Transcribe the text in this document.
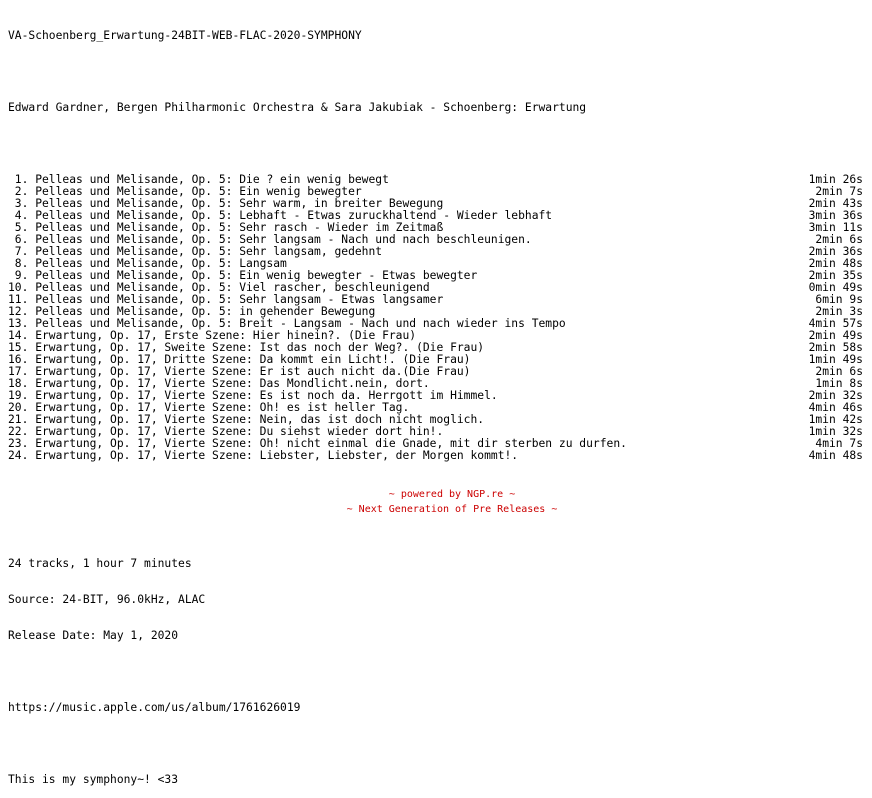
VA-Schoenberg_Erwartung-24BIT-WEB-FLAC-2020-SYMPHONY

Edward Gardner, Bergen Philharmonic Orchestra & Sara Jakubiak - Schoenberg: Erwartung

1. Pelleas und Melisande, Op. 5: Die ? ein wenig bewegt	1min 26s
2. Pelleas und Melisande, Op. 5: Ein wenig bewegter	2min 7s
3. Pelleas und Melisande, Op. 5: Sehr warm, in breiter Bewegung	2min 43s
4. Pelleas und Melisande, Op. 5: Lebhaft - Etwas zuruckhaltend - Wieder lebhaft	3min 36s
5. Pelleas und Melisande, Op. 5: Sehr rasch - Wieder im Zeitmaß	3min 11s
6. Pelleas und Melisande, Op. 5: Sehr langsam - Nach und nach beschleunigen.	2min 6s
7. Pelleas und Melisande, Op. 5: Sehr langsam, gedehnt	2min 36s
8. Pelleas und Melisande, Op. 5: Langsam	2min 48s
9. Pelleas und Melisande, Op. 5: Ein wenig bewegter - Etwas bewegter	2min 35s
10. Pelleas und Melisande, Op. 5: Viel rascher, beschleunigend	0min 49s
11. Pelleas und Melisande, Op. 5: Sehr langsam - Etwas langsamer	6min 9s
12. Pelleas und Melisande, Op. 5: in gehender Bewegung	2min 3s
13. Pelleas und Melisande, Op. 5: Breit - Langsam - Nach und nach wieder ins Tempo	4min 57s
14. Erwartung, Op. 17, Erste Szene: Hier hinein?. (Die Frau)	2min 49s
15. Erwartung, Op. 17, Sweite Szene: Ist das noch der Weg?. (Die Frau)	2min 58s
16. Erwartung, Op. 17, Dritte Szene: Da kommt ein Licht!. (Die Frau)	1min 49s
17. Erwartung, Op. 17, Vierte Szene: Er ist auch nicht da.(Die Frau)	2min 6s
18. Erwartung, Op. 17, Vierte Szene: Das Mondlicht.nein, dort.	1min 8s
19. Erwartung, Op. 17, Vierte Szene: Es ist noch da. Herrgott im Himmel.	2min 32s
20. Erwartung, Op. 17, Vierte Szene: Oh! es ist heller Tag.	4min 46s
21. Erwartung, Op. 17, Vierte Szene: Nein, das ist doch nicht moglich.	1min 42s
22. Erwartung, Op. 17, Vierte Szene: Du siehst wieder dort hin!.	1min 32s
23. Erwartung, Op. 17, Vierte Szene: Oh! nicht einmal die Gnade, mit dir sterben zu durfen.	4min 7s
24. Erwartung, Op. 17, Vierte Szene: Liebster, Liebster, der Morgen kommt!.	4min 48s

24 tracks, 1 hour 7 minutes

Source: 24-BIT, 96.0kHz, ALAC

Release Date: May 1, 2020

https://music.apple.com/us/album/1761626019

This is my symphony~! <33

~ powered by NGP.re ~
~ Next Generation of Pre Releases ~
